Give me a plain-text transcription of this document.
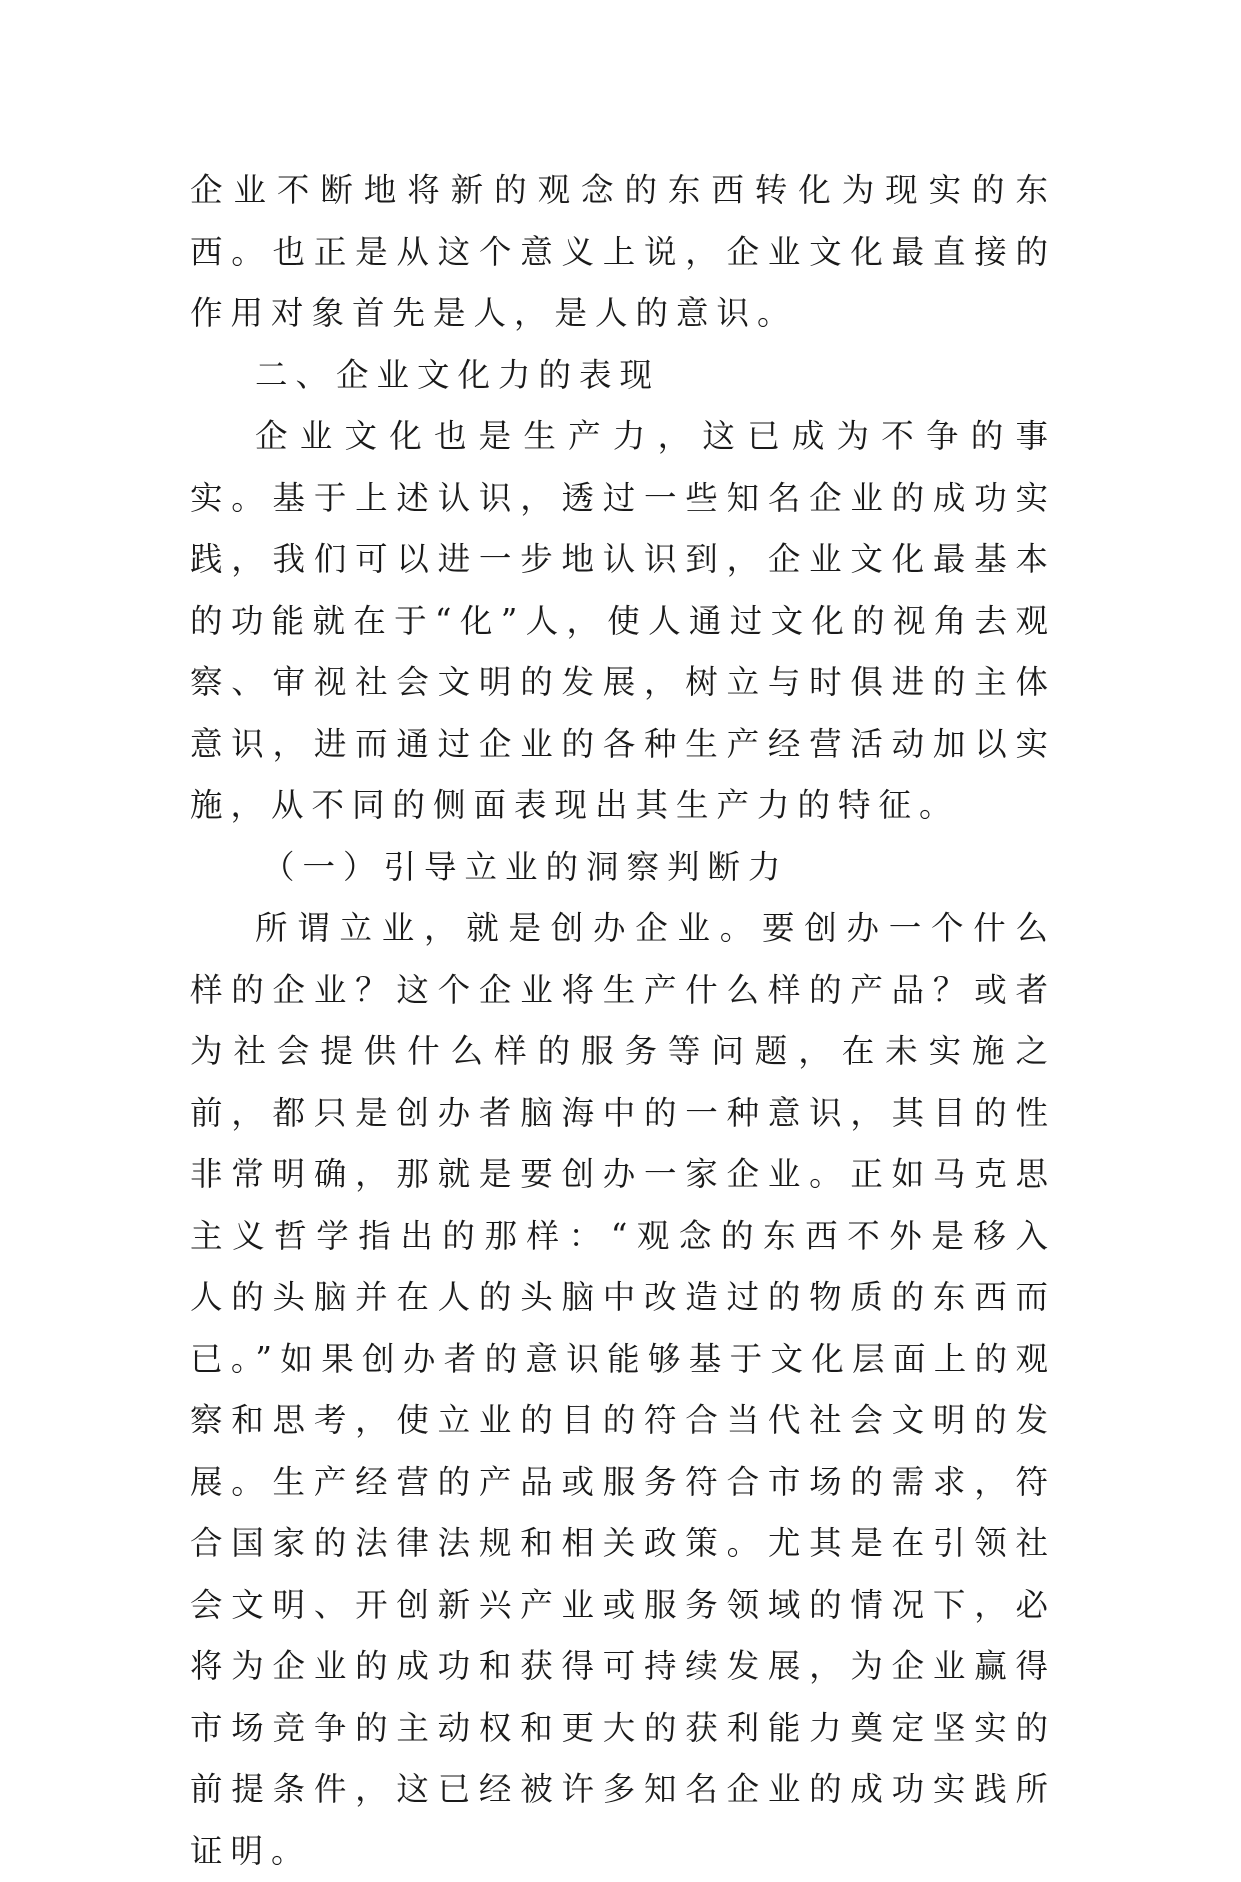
企业不断地将新的观念的东西转化为现实的东西。也正是从这个意义上说，企业文化最直接的作用对象首先是人，是人的意识。

二、企业文化力的表现

企业文化也是生产力，这已成为不争的事实。基于上述认识，透过一些知名企业的成功实践，我们可以进一步地认识到，企业文化最基本的功能就在于“化”人，使人通过文化的视角去观察、审视社会文明的发展，树立与时俱进的主体意识，进而通过企业的各种生产经营活动加以实施，从不同的侧面表现出其生产力的特征。

（一）引导立业的洞察判断力

所谓立业，就是创办企业。要创办一个什么样的企业？这个企业将生产什么样的产品？或者为社会提供什么样的服务等问题，在未实施之前，都只是创办者脑海中的一种意识，其目的性非常明确，那就是要创办一家企业。正如马克思主义哲学指出的那样：“观念的东西不外是移入人的头脑并在人的头脑中改造过的物质的东西而已。”如果创办者的意识能够基于文化层面上的观察和思考，使立业的目的符合当代社会文明的发展。生产经营的产品或服务符合市场的需求，符合国家的法律法规和相关政策。尤其是在引领社会文明、开创新兴产业或服务领域的情况下，必将为企业的成功和获得可持续发展，为企业赢得市场竞争的主动权和更大的获利能力奠定坚实的前提条件，这已经被许多知名企业的成功实践所证明。
